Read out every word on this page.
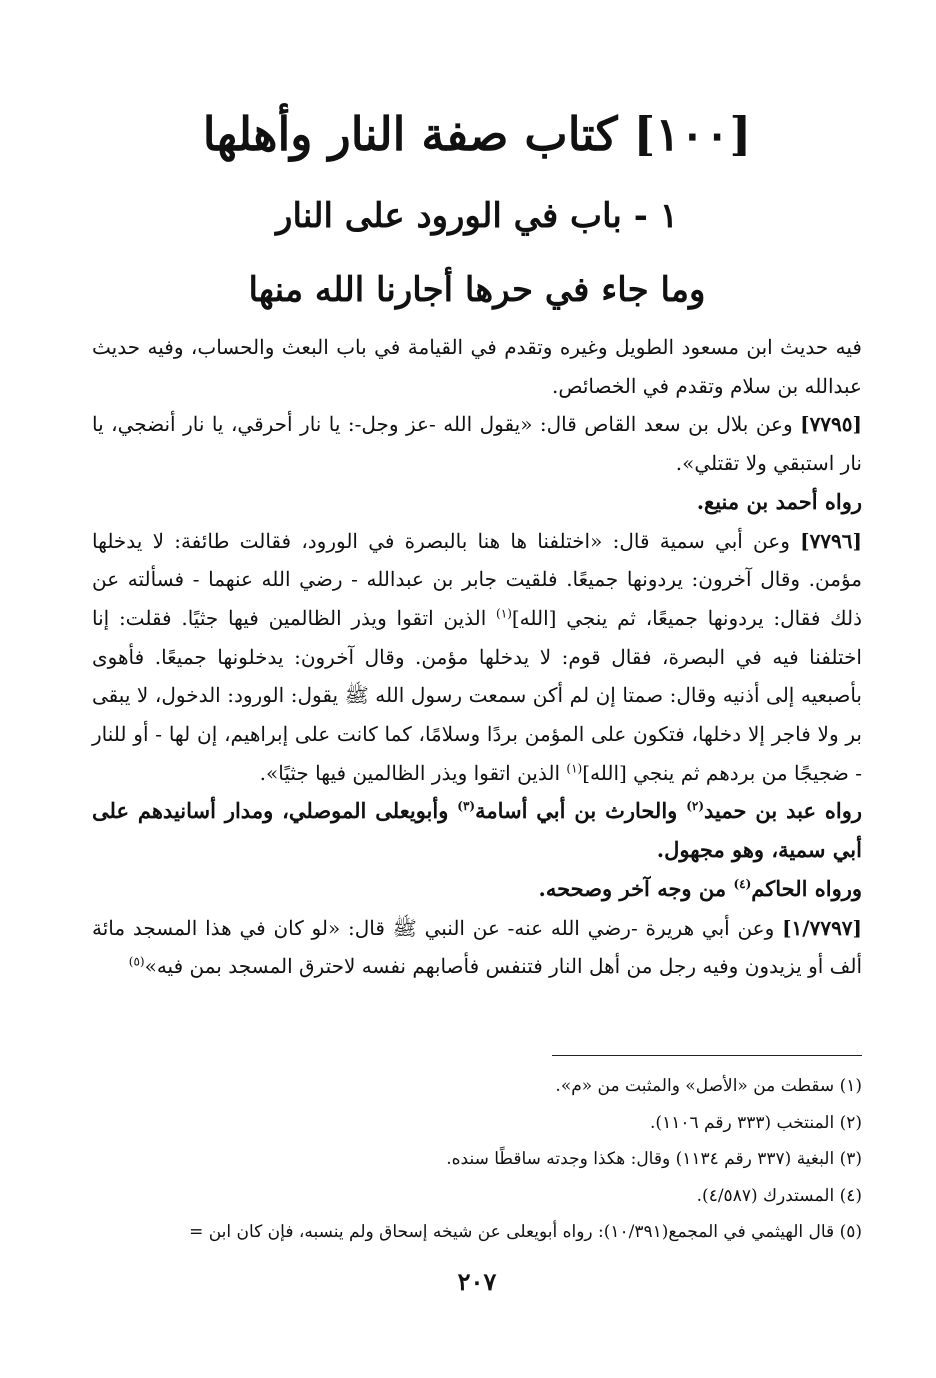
[١٠٠] كتاب صفة النار وأهلها
١ - باب في الورود على النار
وما جاء في حرها أجارنا الله منها

فيه حديث ابن مسعود الطويل وغيره وتقدم في القيامة في باب البعث والحساب، وفيه حديث عبدالله بن سلام وتقدم في الخصائص.

[٧٧٩٥] وعن بلال بن سعد القاص قال: «يقول الله -عز وجل-: يا نار أحرقي، يا نار أنضجي، يا نار استبقي ولا تقتلي».

رواه أحمد بن منيع.

[٧٧٩٦] وعن أبي سمية قال: «اختلفنا ها هنا بالبصرة في الورود، فقالت طائفة: لا يدخلها مؤمن. وقال آخرون: يردونها جميعًا. فلقيت جابر بن عبدالله - رضي الله عنهما - فسألته عن ذلك فقال: يردونها جميعًا، ثم ينجي [الله]$^{(١)}$ الذين اتقوا ويذر الظالمين فيها جثيًا. فقلت: إنا اختلفنا فيه في البصرة، فقال قوم: لا يدخلها مؤمن. وقال آخرون: يدخلونها جميعًا. فأهوى بأصبعيه إلى أذنيه وقال: صمتا إن لم أكن سمعت رسول الله ﷺ يقول: الورود: الدخول، لا يبقى بر ولا فاجر إلا دخلها، فتكون على المؤمن بردًا وسلامًا، كما كانت على إبراهيم، إن لها - أو للنار - ضجيجًا من بردهم ثم ينجي [الله]$^{(١)}$ الذين اتقوا ويذر الظالمين فيها جثيًا».

رواه عبد بن حميد$^{(٢)}$ والحارث بن أبي أسامة$^{(٣)}$ وأبويعلى الموصلي، ومدار أسانيدهم على أبي سمية، وهو مجهول.

ورواه الحاكم$^{(٤)}$ من وجه آخر وصححه.

[١/٧٧٩٧] وعن أبي هريرة -رضي الله عنه- عن النبي ﷺ قال: «لو كان في هذا المسجد مائة ألف أو يزيدون وفيه رجل من أهل النار فتنفس فأصابهم نفسه لاحترق المسجد بمن فيه»$^{(٥)}$

(١) سقطت من «الأصل» والمثبت من «م».
(٢) المنتخب (٣٣٣ رقم ١١٠٦).
(٣) البغية (٣٣٧ رقم ١١٣٤) وقال: هكذا وجدته ساقطًا سنده.
(٤) المستدرك (٤/٥٨٧).
(٥) قال الهيثمي في المجمع(١٠/٣٩١): رواه أبويعلى عن شيخه إسحاق ولم ينسبه، فإن كان ابن =
٢٠٧
